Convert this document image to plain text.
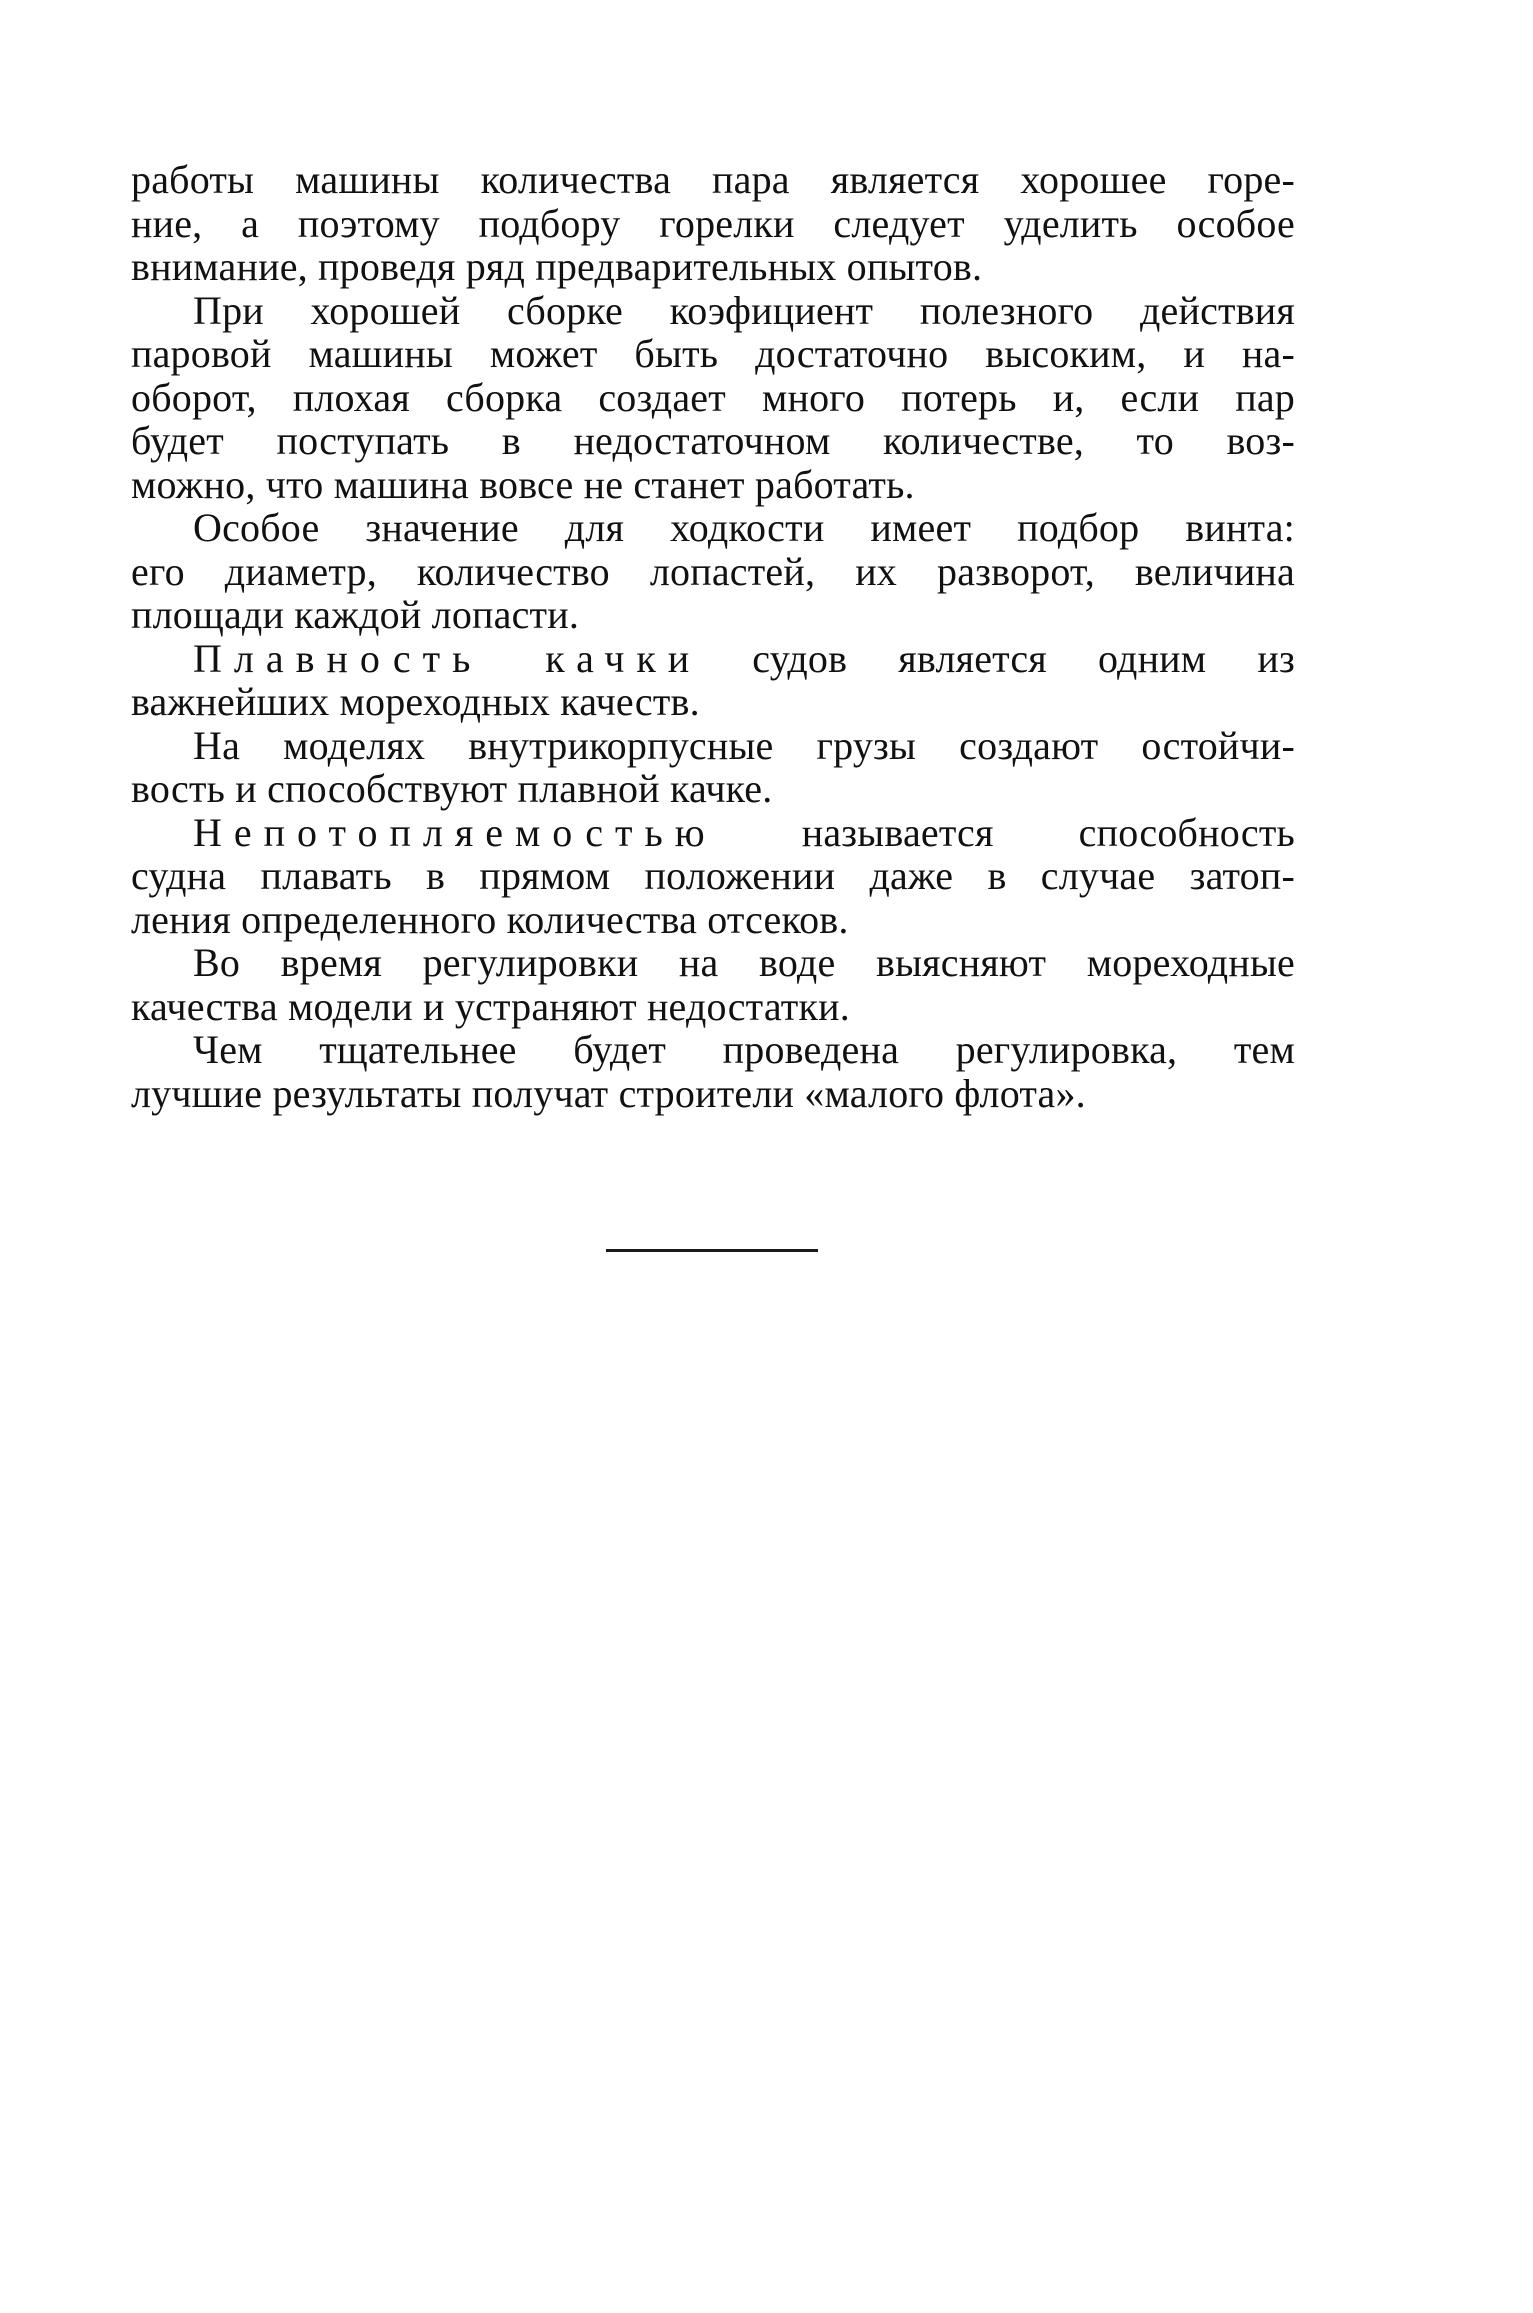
работы машины количества пара является хорошее горе-
ние, а поэтому подбору горелки следует уделить особое
внимание, проведя ряд предварительных опытов.

При хорошей сборке коэфициент полезного действия
паровой машины может быть достаточно высоким, и на-
оборот, плохая сборка создает много потерь и, если пар
будет поступать в недостаточном количестве, то воз-
можно, что машина вовсе не станет работать.

Особое значение для ходкости имеет подбор винта:
его диаметр, количество лопастей, их разворот, величина
площади каждой лопасти.

Плавность качки судов является одним из
важнейших мореходных качеств.

На моделях внутрикорпусные грузы создают остойчи-
вость и способствуют плавной качке.

Непотопляемостью называется способность
судна плавать в прямом положении даже в случае затоп-
ления определенного количества отсеков.

Во время регулировки на воде выясняют мореходные
качества модели и устраняют недостатки.

Чем тщательнее будет проведена регулировка, тем
лучшие результаты получат строители «малого флота».
